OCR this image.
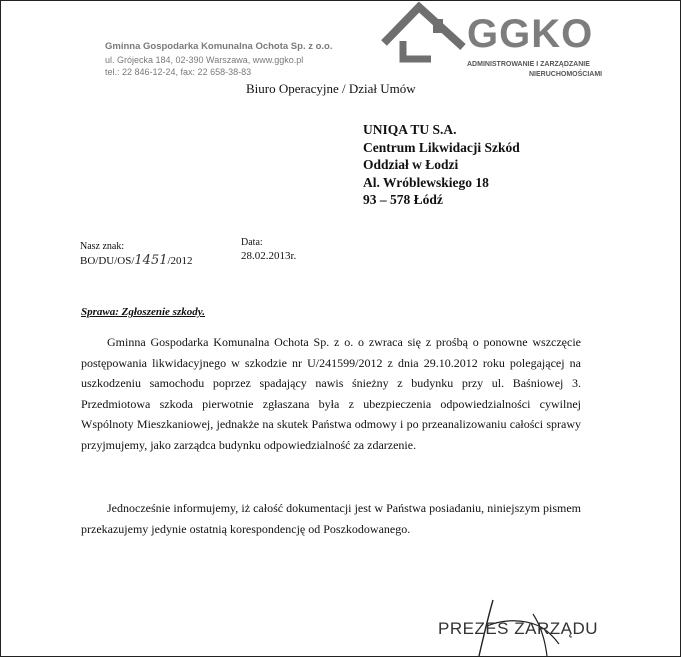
Gminna Gospodarka Komunalna Ochota Sp. z o.o.
ul. Grójecka 184, 02-390 Warszawa, www.ggko.pl
tel.: 22 846-12-24, fax: 22 658-38-83
GGKO
ADMINISTROWANIE I ZARZĄDZANIE
NIERUCHOMOŚCIAMI
Biuro Operacyjne / Dział Umów
UNIQA TU S.A.
Centrum Likwidacji Szkód
Oddział w Łodzi
Al. Wróblewskiego 18
93 – 578 Łódź
Nasz znak:
BO/DU/OS/1451/2012
Data:
28.02.2013r.
Sprawa: Zgłoszenie szkody.
Gminna Gospodarka Komunalna Ochota Sp. z o. o zwraca się z prośbą o ponowne wszczęcie postępowania likwidacyjnego w szkodzie nr U/241599/2012 z dnia 29.10.2012 roku polegającej na uszkodzeniu samochodu poprzez spadający nawis śnieżny z budynku przy ul. Baśniowej 3. Przedmiotowa szkoda pierwotnie zgłaszana była z ubezpieczenia odpowiedzialności cywilnej Wspólnoty Mieszkaniowej, jednakże na skutek Państwa odmowy i po przeanalizowaniu całości sprawy przyjmujemy, jako zarządca budynku odpowiedzialność za zdarzenie.
Jednocześnie informujemy, iż całość dokumentacji jest w Państwa posiadaniu, niniejszym pismem przekazujemy jedynie ostatnią korespondencję od Poszkodowanego.
PREZES ZARZĄDU
